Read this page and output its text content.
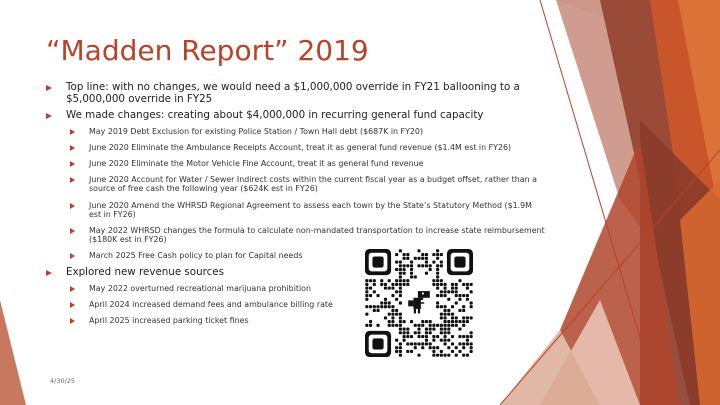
“Madden Report” 2019
Top line: with no changes, we would need a $1,000,000 override in FY21 ballooning to a $5,000,000 override in FY25
We made changes: creating about $4,000,000 in recurring general fund capacity
May 2019 Debt Exclusion for existing Police Station / Town Hall debt ($687K in FY20)
June 2020 Eliminate the Ambulance Receipts Account, treat it as general fund revenue ($1.4M est in FY26)
June 2020 Eliminate the Motor Vehicle Fine Account, treat it as general fund revenue
June 2020 Account for Water / Sewer Indirect costs within the current fiscal year as a budget offset, rather than a source of free cash the following year ($624K est in FY26)
June 2020 Amend the WHRSD Regional Agreement to assess each town by the State’s Statutory Method ($1.9M est in FY26)
May 2022 WHRSD changes the formula to calculate non-mandated transportation to increase state reimbursement ($180K est in FY26)
March 2025 Free Cash policy to plan for Capital needs
Explored new revenue sources
May 2022 overturned recreational marijuana prohibition
April 2024 increased demand fees and ambulance billing rate
April 2025 increased parking ticket fines
4/30/25
